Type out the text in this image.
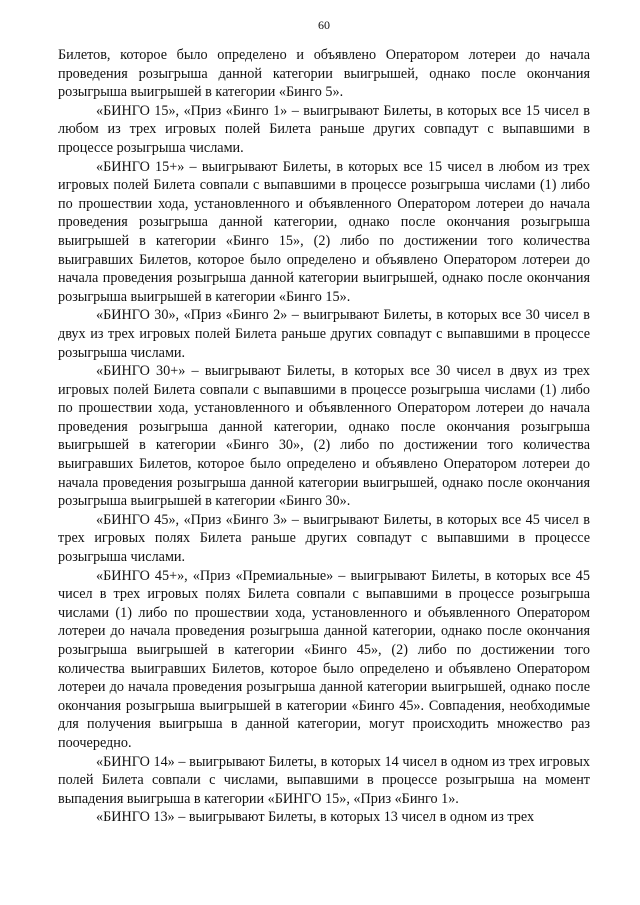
60

Билетов, которое было определено и объявлено Оператором лотереи до начала проведения розыгрыша данной категории выигрышей, однако после окончания розыгрыша выигрышей в категории «Бинго 5».

«БИНГО 15», «Приз «Бинго 1» – выигрывают Билеты, в которых все 15 чисел в любом из трех игровых полей Билета раньше других совпадут с выпавшими в процессе розыгрыша числами.

«БИНГО 15+» – выигрывают Билеты, в которых все 15 чисел в любом из трех игровых полей Билета совпали с выпавшими в процессе розыгрыша числами (1) либо по прошествии хода, установленного и объявленного Оператором лотереи до начала проведения розыгрыша данной категории, однако после окончания розыгрыша выигрышей в категории «Бинго 15», (2) либо по достижении того количества выигравших Билетов, которое было определено и объявлено Оператором лотереи до начала проведения розыгрыша данной категории выигрышей, однако после окончания розыгрыша выигрышей в категории «Бинго 15».

«БИНГО 30», «Приз «Бинго 2» – выигрывают Билеты, в которых все 30 чисел в двух из трех игровых полей Билета раньше других совпадут с выпавшими в процессе розыгрыша числами.

«БИНГО 30+» – выигрывают Билеты, в которых все 30 чисел в двух из трех игровых полей Билета совпали с выпавшими в процессе розыгрыша числами (1) либо по прошествии хода, установленного и объявленного Оператором лотереи до начала проведения розыгрыша данной категории, однако после окончания розыгрыша выигрышей в категории «Бинго 30», (2) либо по достижении того количества выигравших Билетов, которое было определено и объявлено Оператором лотереи до начала проведения розыгрыша данной категории выигрышей, однако после окончания розыгрыша выигрышей в категории «Бинго 30».

«БИНГО 45», «Приз «Бинго 3» – выигрывают Билеты, в которых все 45 чисел в трех игровых полях Билета раньше других совпадут с выпавшими в процессе розыгрыша числами.

«БИНГО 45+», «Приз «Премиальные» – выигрывают Билеты, в которых все 45 чисел в трех игровых полях Билета совпали с выпавшими в процессе розыгрыша числами (1) либо по прошествии хода, установленного и объявленного Оператором лотереи до начала проведения розыгрыша данной категории, однако после окончания розыгрыша выигрышей в категории «Бинго 45», (2) либо по достижении того количества выигравших Билетов, которое было определено и объявлено Оператором лотереи до начала проведения розыгрыша данной категории выигрышей, однако после окончания розыгрыша выигрышей в категории «Бинго 45». Совпадения, необходимые для получения выигрыша в данной категории, могут происходить множество раз поочередно.

«БИНГО 14» – выигрывают Билеты, в которых 14 чисел в одном из трех игровых полей Билета совпали с числами, выпавшими в процессе розыгрыша на момент выпадения выигрыша в категории «БИНГО 15», «Приз «Бинго 1».

«БИНГО 13» – выигрывают Билеты, в которых 13 чисел в одном из трех
